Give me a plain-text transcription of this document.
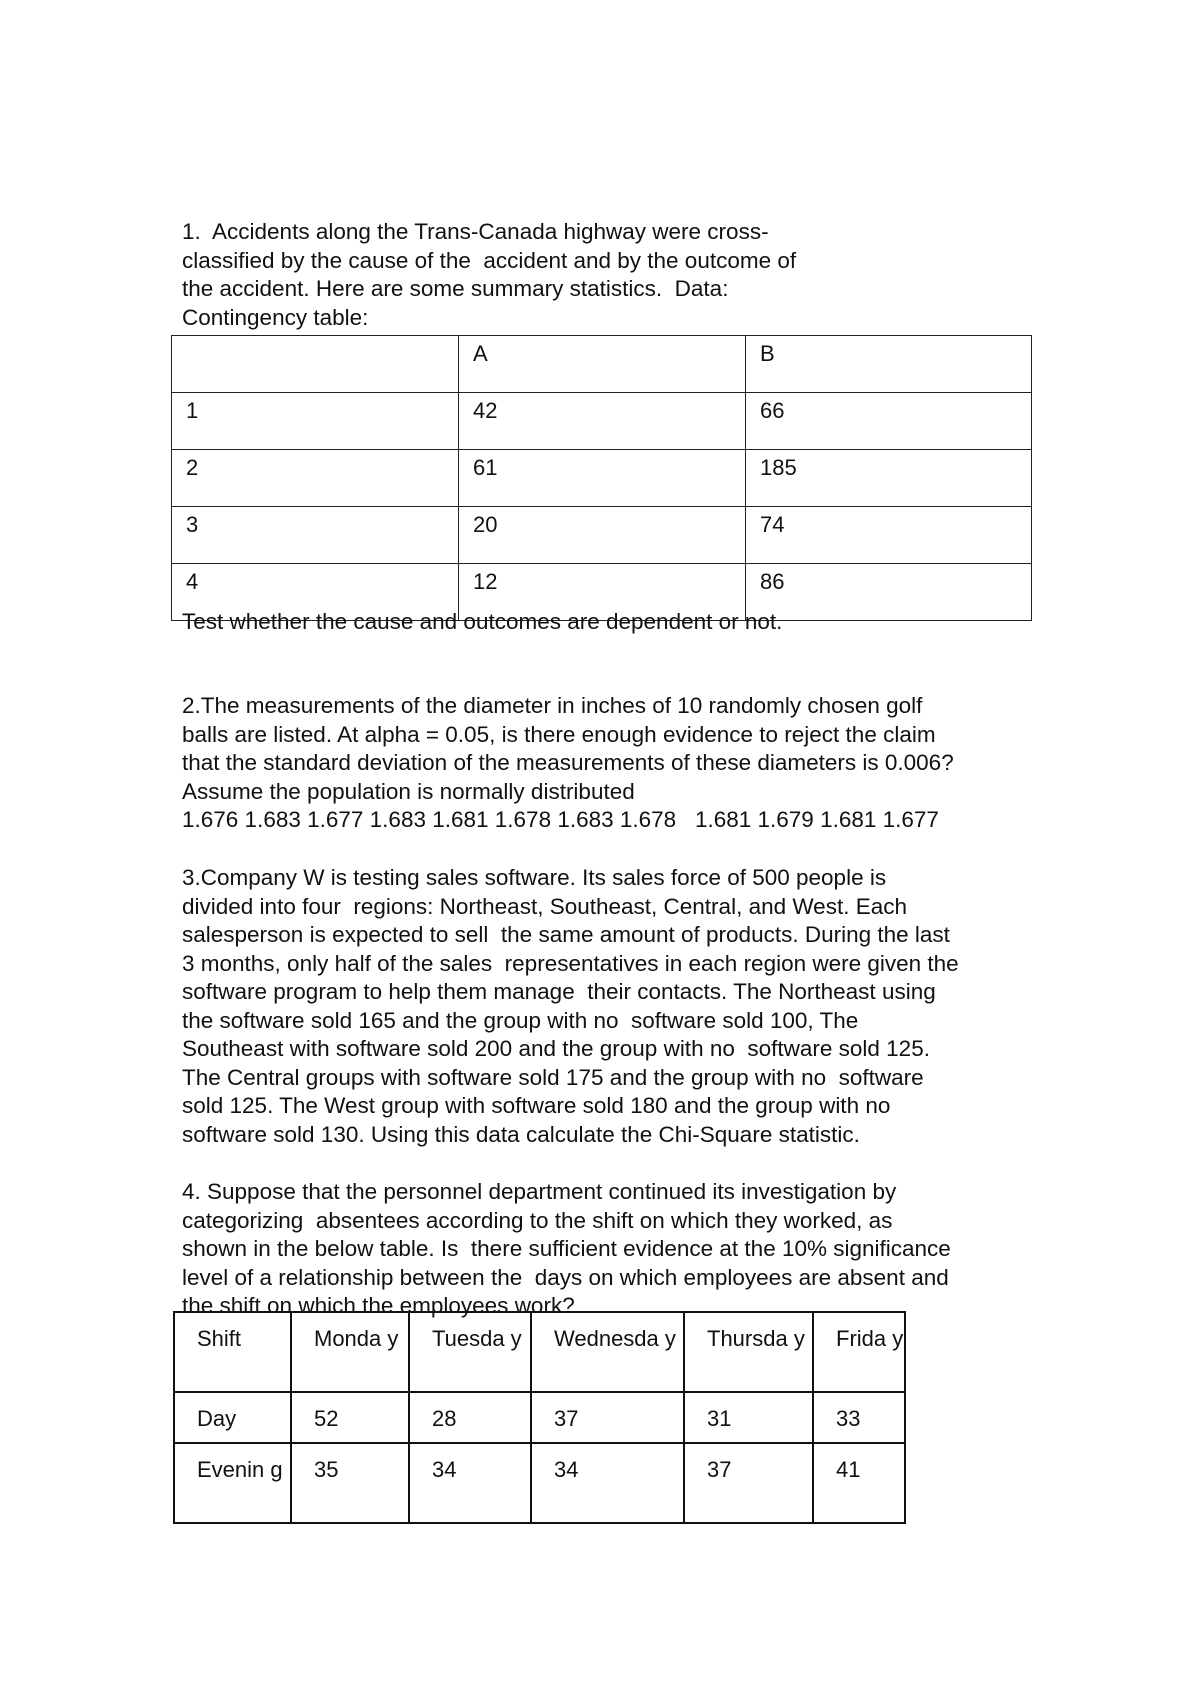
1.  Accidents along the Trans-Canada highway were cross-
classified by the cause of the  accident and by the outcome of
the accident. Here are some summary statistics.  Data:
Contingency table:

	A	B
1	42	66
2	61	185
3	20	74
4	12	86

Test whether the cause and outcomes are dependent or not.

2.The measurements of the diameter in inches of 10 randomly chosen golf
balls are listed. At alpha = 0.05, is there enough evidence to reject the claim
that the standard deviation of the measurements of these diameters is 0.006?
Assume the population is normally distributed
1.676 1.683 1.677 1.683 1.681 1.678 1.683 1.678   1.681 1.679 1.681 1.677

3.Company W is testing sales software. Its sales force of 500 people is
divided into four  regions: Northeast, Southeast, Central, and West. Each
salesperson is expected to sell  the same amount of products. During the last
3 months, only half of the sales  representatives in each region were given the
software program to help them manage  their contacts. The Northeast using
the software sold 165 and the group with no  software sold 100, The
Southeast with software sold 200 and the group with no  software sold 125.
The Central groups with software sold 175 and the group with no  software
sold 125. The West group with software sold 180 and the group with no
software sold 130. Using this data calculate the Chi-Square statistic.

4. Suppose that the personnel department continued its investigation by
categorizing  absentees according to the shift on which they worked, as
shown in the below table. Is  there sufficient evidence at the 10% significance
level of a relationship between the  days on which employees are absent and
the shift on which the employees work?

Shift	Monda y	Tuesda y	Wednesda y	Thursda y	Frida y
Day	52	28	37	31	33
Evenin g	35	34	34	37	41
